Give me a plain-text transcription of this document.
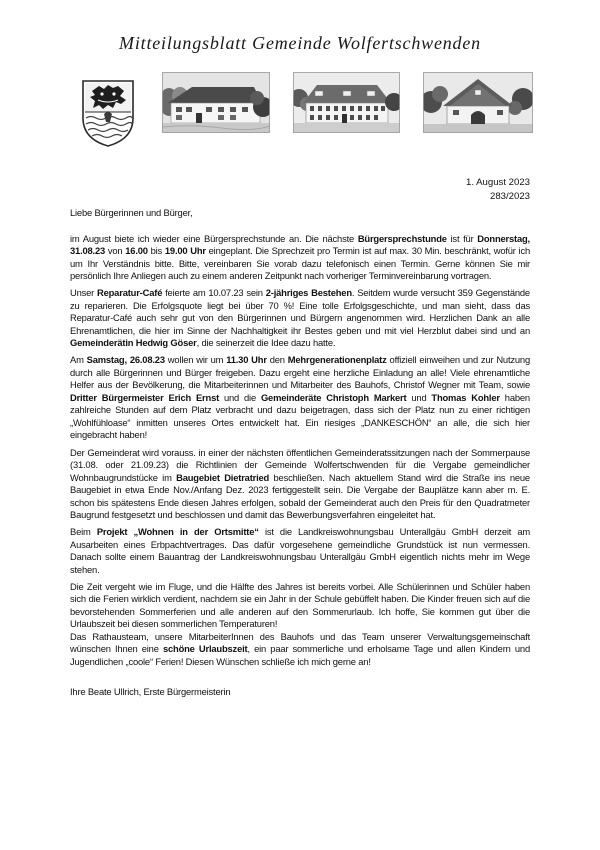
Mitteilungsblatt Gemeinde Wolfertschwenden
1. August 2023
283/2023

Liebe Bürgerinnen und Bürger,

im August biete ich wieder eine Bürgersprechstunde an. Die nächste Bürgersprechstunde ist für Donnerstag, 31.08.23 von 16.00 bis 19.00 Uhr eingeplant. Die Sprechzeit pro Termin ist auf max. 30 Min. beschränkt, wofür ich um Ihr Verständnis bitte. Bitte, vereinbaren Sie vorab dazu telefonisch einen Termin. Gerne können Sie mir persönlich Ihre Anliegen auch zu einem anderen Zeitpunkt nach vorheriger Terminvereinbarung vortragen.

Unser Reparatur-Café feierte am 10.07.23 sein 2-jähriges Bestehen. Seitdem wurde versucht 359 Gegenstände zu reparieren. Die Erfolgsquote liegt bei über 70 %! Eine tolle Erfolgsgeschichte, und man sieht, dass das Reparatur-Café auch sehr gut von den Bürgerinnen und Bürgern angenommen wird. Herzlichen Dank an alle Ehrenamtlichen, die hier im Sinne der Nachhaltigkeit ihr Bestes geben und mit viel Herzblut dabei sind und an Gemeinderätin Hedwig Göser, die seinerzeit die Idee dazu hatte.

Am Samstag, 26.08.23 wollen wir um 11.30 Uhr den Mehrgenerationenplatz offiziell einweihen und zur Nutzung durch alle Bürgerinnen und Bürger freigeben. Dazu ergeht eine herzliche Einladung an alle! Viele ehrenamtliche Helfer aus der Bevölkerung, die Mitarbeiterinnen und Mitarbeiter des Bauhofs, Christof Wegner mit Team, sowie Dritter Bürgermeister Erich Ernst und die Gemeinderäte Christoph Markert und Thomas Kohler haben zahlreiche Stunden auf dem Platz verbracht und dazu beigetragen, dass sich der Platz nun zu einer richtigen „Wohlfühloase“ inmitten unseres Ortes entwickelt hat. Ein riesiges „DANKESCHÖN“ an alle, die sich hier eingebracht haben!

Der Gemeinderat wird vorauss. in einer der nächsten öffentlichen Gemeinderatssitzungen nach der Sommerpause (31.08. oder 21.09.23) die Richtlinien der Gemeinde Wolfertschwenden für die Vergabe gemeindlicher Wohnbaugrundstücke im Baugebiet Dietratried beschließen. Nach aktuellem Stand wird die Straße ins neue Baugebiet in etwa Ende Nov./Anfang Dez. 2023 fertiggestellt sein. Die Vergabe der Bauplätze kann aber m. E. schon bis spätestens Ende diesen Jahres erfolgen, sobald der Gemeinderat auch den Preis für den Quadratmeter Baugrund festgesetzt und beschlossen und damit das Bewerbungsverfahren eingeleitet hat.

Beim Projekt „Wohnen in der Ortsmitte“ ist die Landkreiswohnungsbau Unterallgäu GmbH derzeit am Ausarbeiten eines Erbpachtvertrages. Das dafür vorgesehene gemeindliche Grundstück ist nun vermessen. Danach sollte einem Bauantrag der Landkreiswohnungsbau Unterallgäu GmbH eigentlich nichts mehr im Wege stehen.

Die Zeit vergeht wie im Fluge, und die Hälfte des Jahres ist bereits vorbei. Alle Schülerinnen und Schüler haben sich die Ferien wirklich verdient, nachdem sie ein Jahr in der Schule gebüffelt haben. Die Kinder freuen sich auf die bevorstehenden Sommerferien und alle anderen auf den Sommerurlaub. Ich hoffe, Sie kommen gut über die Urlaubszeit bei diesen sommerlichen Temperaturen!

Das Rathausteam, unsere MitarbeiterInnen des Bauhofs und das Team unserer Verwaltungsgemeinschaft wünschen Ihnen eine schöne Urlaubszeit, ein paar sommerliche und erholsame Tage und allen Kindern und Jugendlichen „coole“ Ferien! Diesen Wünschen schließe ich mich gerne an!

Ihre Beate Ullrich, Erste Bürgermeisterin
